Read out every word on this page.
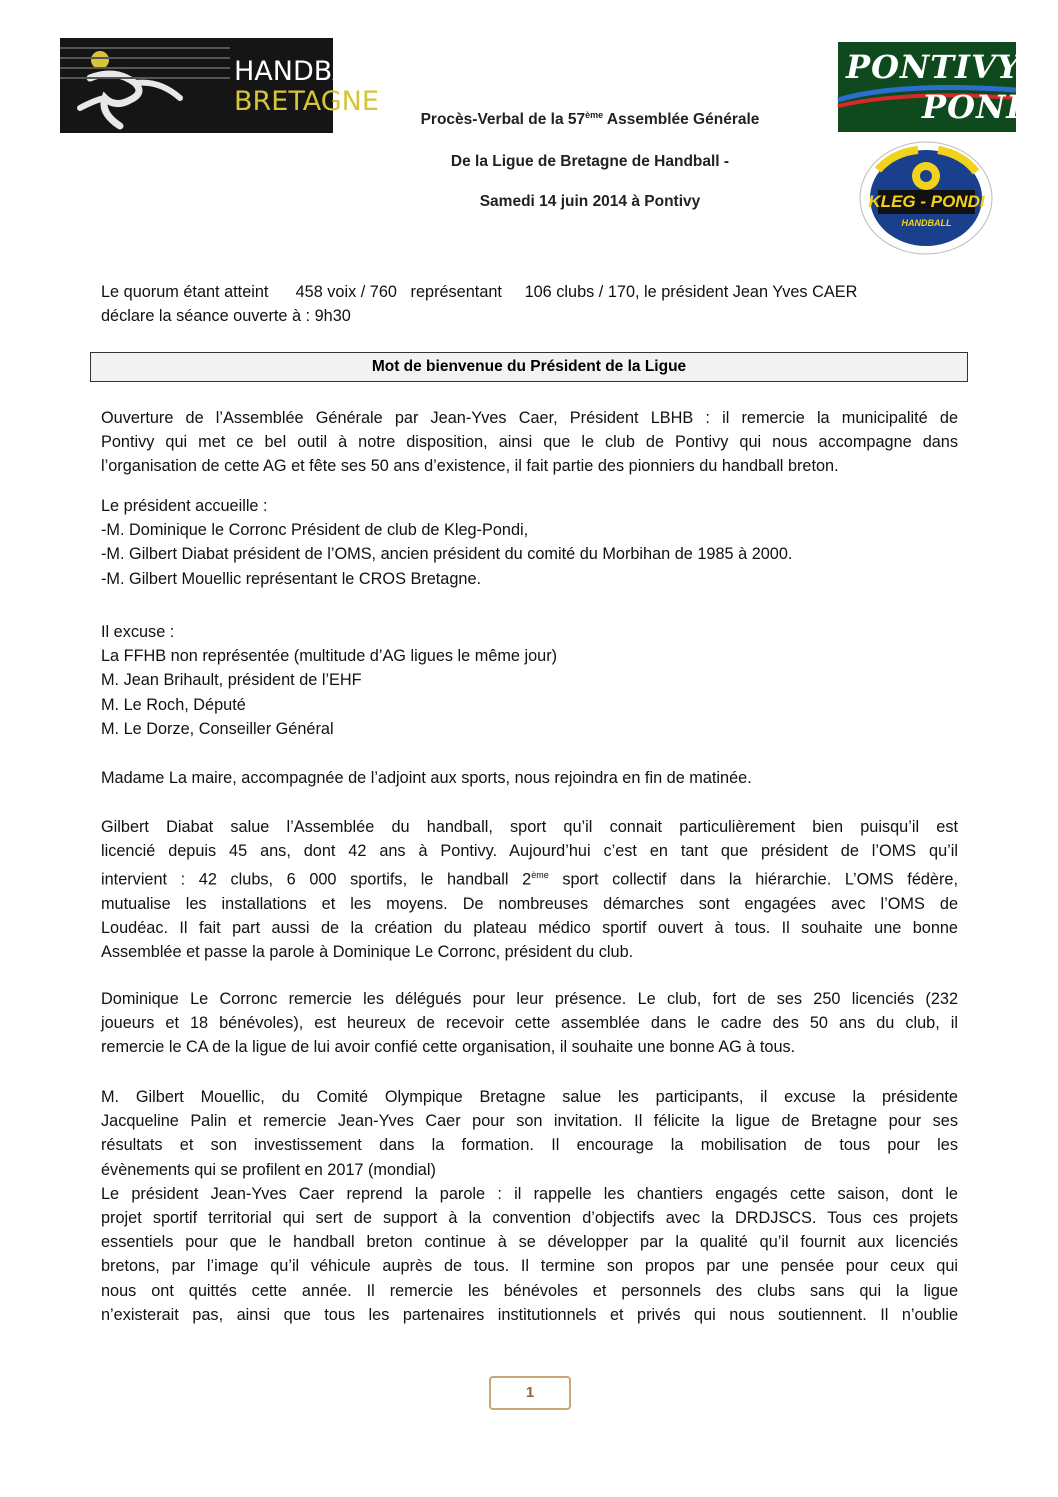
HANDBALL
BRETAGNE
PONTIVY
PONDI
KLEG - PONDI
HANDBALL
Procès-Verbal de la 57ème Assemblée Générale
De la Ligue de Bretagne de Handball -
Samedi 14 juin 2014 à Pontivy
Le quorum étant atteint      458 voix / 760   représentant     106 clubs / 170, le président Jean Yves CAER
déclare la séance ouverte à : 9h30
Mot de bienvenue du Président de la Ligue
Ouverture de l’Assemblée Générale par Jean-Yves Caer, Président LBHB : il remercie la municipalité de
Pontivy qui met ce bel outil à notre disposition, ainsi que le club de Pontivy qui nous accompagne dans
l’organisation de cette AG et fête ses 50 ans d’existence, il fait partie des pionniers du handball breton.
Le président accueille :
-M. Dominique le Corronc Président de club de Kleg-Pondi,
-M. Gilbert Diabat président de l’OMS, ancien président du comité du Morbihan de 1985 à 2000.
-M. Gilbert Mouellic représentant le CROS Bretagne.
Il excuse :
La FFHB non représentée (multitude d’AG ligues le même jour)
M. Jean Brihault, président de l’EHF
M. Le Roch, Député
M. Le Dorze, Conseiller Général
Madame La maire, accompagnée de l’adjoint aux sports, nous rejoindra en fin de matinée.
Gilbert Diabat salue l’Assemblée du handball, sport qu’il connait particulièrement bien puisqu’il est
licencié depuis 45 ans, dont 42 ans à Pontivy. Aujourd’hui c’est en tant que président de l’OMS qu’il
intervient : 42 clubs, 6 000 sportifs, le handball 2ème sport collectif dans la hiérarchie. L’OMS fédère,
mutualise les installations et les moyens. De nombreuses démarches sont engagées avec l’OMS de
Loudéac. Il fait part aussi de la création du plateau médico sportif ouvert à tous. Il souhaite une bonne
Assemblée et passe la parole à Dominique Le Corronc, président du club.
Dominique Le Corronc remercie les délégués pour leur présence. Le club, fort de ses 250 licenciés (232
joueurs et 18 bénévoles), est heureux de recevoir cette assemblée dans le cadre des 50 ans du club, il
remercie le CA de la ligue de lui avoir confié cette organisation, il souhaite une bonne AG à tous.
M. Gilbert Mouellic, du Comité Olympique Bretagne salue les participants, il excuse la présidente
Jacqueline Palin et remercie Jean-Yves Caer pour son invitation. Il félicite la ligue de Bretagne pour ses
résultats et son investissement dans la formation. Il encourage la mobilisation de tous pour les
évènements qui se profilent en 2017 (mondial)
Le président Jean-Yves Caer reprend la parole : il rappelle les chantiers engagés cette saison, dont le
projet sportif territorial qui sert de support à la convention d’objectifs avec la DRDJSCS. Tous ces projets
essentiels pour que le handball breton continue à se développer par la qualité qu’il fournit aux licenciés
bretons, par l’image qu’il véhicule auprès de tous. Il termine son propos par une pensée pour ceux qui
nous ont quittés cette année. Il remercie les bénévoles et personnels des clubs sans qui la ligue
n’existerait pas, ainsi que tous les partenaires institutionnels et privés qui nous soutiennent. Il n’oublie
1
